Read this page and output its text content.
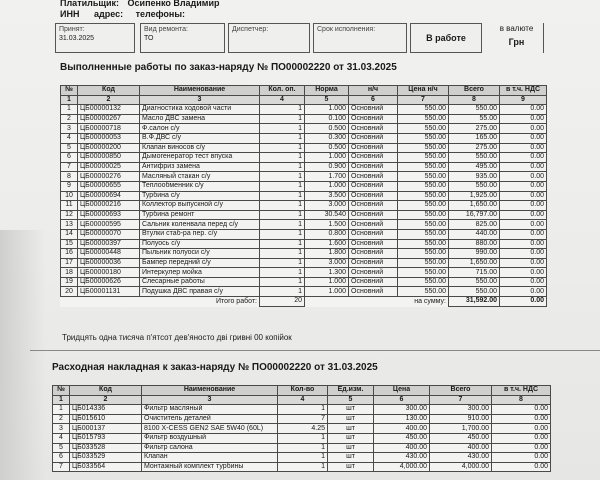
Платильщик: Осипенко Владимир
ИНН адрес: телефоны:
Принят:
31.03.2025
Вид ремонта:
ТО
Диспетчер:	Срок исполнения:
В работе
в валюте
Грн
Выполненные работы по заказ-наряду № ПО00002220 от 31.03.2025
№	Код	Наименование	Кол. оп.	Норма	н/ч	Цена н/ч	Всего	в т.ч. НДС
1	2	3	4	5	6	7	8	9
1	ЦБ00000132	Диагностика ходовой части	1	1.000	Основний	550.00	550.00	0.00
2	ЦБ00000267	Масло ДВС замена	1	0.100	Основний	550.00	55.00	0.00
3	ЦБ00000718	Ф.салон с/у	1	0.500	Основний	550.00	275.00	0.00
4	ЦБ00000053	В.Ф.ДВС с/у	1	0.300	Основний	550.00	165.00	0.00
5	ЦБ00000200	Клапан виносов с/у	1	0.500	Основний	550.00	275.00	0.00
6	ЦБ00000850	Дымогенератор тест впуска	1	1.000	Основний	550.00	550.00	0.00
7	ЦБ00000025	Антифриз замена	1	0.900	Основний	550.00	495.00	0.00
8	ЦБ00000276	Масляный стакан с/у	1	1.700	Основний	550.00	935.00	0.00
9	ЦБ00000655	Теплообменник с/у	1	1.000	Основний	550.00	550.00	0.00
10	ЦБ00000694	Турбина с/у	1	3.500	Основний	550.00	1,925.00	0.00
11	ЦБ00000216	Коллектор выпускной с/у	1	3.000	Основний	550.00	1,650.00	0.00
12	ЦБ00000693	Турбина ремонт	1	30.540	Основний	550.00	16,797.00	0.00
13	ЦБ00000595	Сальник коленвала перед с/у	1	1.500	Основний	550.00	825.00	0.00
14	ЦБ00000070	Втулки стаб-ра пер. с/у	1	0.800	Основний	550.00	440.00	0.00
15	ЦБ00000397	Полуось с/у	1	1.600	Основний	550.00	880.00	0.00
16	ЦБ00000448	Пыльник полуоси с/у	1	1.800	Основний	550.00	990.00	0.00
17	ЦБ00000036	Бампер передний с/у	1	3.000	Основний	550.00	1,650.00	0.00
18	ЦБ00000180	Интеркулер мойка	1	1.300	Основний	550.00	715.00	0.00
19	ЦБ00000626	Слесарные работы	1	1.000	Основний	550.00	550.00	0.00
20	ЦБ00001131	Подушка ДВС правая с/у	1	1.000	Основний	550.00	550.00	0.00
		Итого работ:	20			на сумму:	31,592.00	0.00
Тридцять одна тисяча п'ятсот дев'яносто дві гривні 00 копійок
Расходная накладная к заказ-наряду № ПО00002220 от 31.03.2025
№	Код	Наименование	Кол-во	Ед.изм.	Цена	Всего	в т.ч. НДС
1	2	3	4	5	6	7	8
1	ЦБ014336	Фильтр масляный	1	шт	300.00	300.00	0.00
2	ЦБ015610	Очиститель деталей	7	шт	130.00	910.00	0.00
3	ЦБ000137	8100 X-CESS GEN2 SAE 5W40 (60L)	4.25	шт	400.00	1,700.00	0.00
4	ЦБ015793	Фильтр воздушный	1	шт	450.00	450.00	0.00
5	ЦБ033528	Фильтр салона	1	шт	400.00	400.00	0.00
6	ЦБ033529	Клапан	1	шт	430.00	430.00	0.00
7	ЦБ033564	Монтажный комплект турбины	1	шт	4,000.00	4,000.00	0.00
